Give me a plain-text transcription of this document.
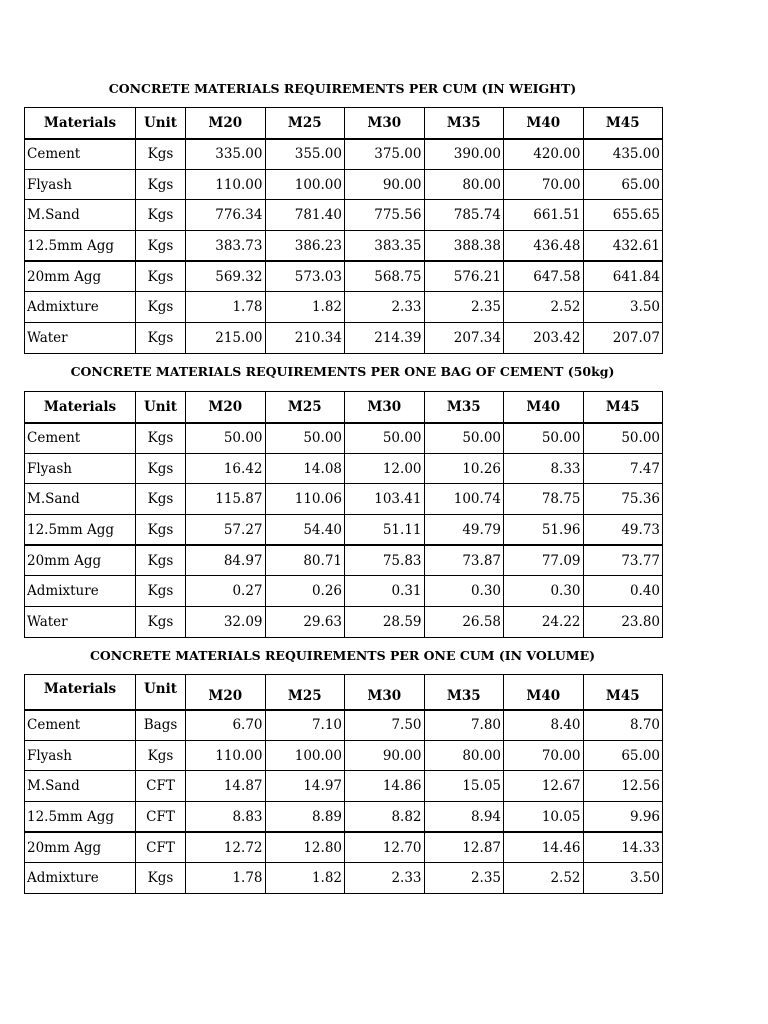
CONCRETE MATERIALS REQUIREMENTS PER CUM (IN WEIGHT)
Materials	Unit	M20	M25	M30	M35	M40	M45
Cement	Kgs	335.00	355.00	375.00	390.00	420.00	435.00
Flyash	Kgs	110.00	100.00	90.00	80.00	70.00	65.00
M.Sand	Kgs	776.34	781.40	775.56	785.74	661.51	655.65
12.5mm Agg	Kgs	383.73	386.23	383.35	388.38	436.48	432.61
20mm Agg	Kgs	569.32	573.03	568.75	576.21	647.58	641.84
Admixture	Kgs	1.78	1.82	2.33	2.35	2.52	3.50
Water	Kgs	215.00	210.34	214.39	207.34	203.42	207.07
CONCRETE MATERIALS REQUIREMENTS PER ONE BAG OF CEMENT (50kg)
Materials	Unit	M20	M25	M30	M35	M40	M45
Cement	Kgs	50.00	50.00	50.00	50.00	50.00	50.00
Flyash	Kgs	16.42	14.08	12.00	10.26	8.33	7.47
M.Sand	Kgs	115.87	110.06	103.41	100.74	78.75	75.36
12.5mm Agg	Kgs	57.27	54.40	51.11	49.79	51.96	49.73
20mm Agg	Kgs	84.97	80.71	75.83	73.87	77.09	73.77
Admixture	Kgs	0.27	0.26	0.31	0.30	0.30	0.40
Water	Kgs	32.09	29.63	28.59	26.58	24.22	23.80
CONCRETE MATERIALS REQUIREMENTS PER ONE CUM (IN VOLUME)
Materials	Unit	M20	M25	M30	M35	M40	M45
Cement	Bags	6.70	7.10	7.50	7.80	8.40	8.70
Flyash	Kgs	110.00	100.00	90.00	80.00	70.00	65.00
M.Sand	CFT	14.87	14.97	14.86	15.05	12.67	12.56
12.5mm Agg	CFT	8.83	8.89	8.82	8.94	10.05	9.96
20mm Agg	CFT	12.72	12.80	12.70	12.87	14.46	14.33
Admixture	Kgs	1.78	1.82	2.33	2.35	2.52	3.50
